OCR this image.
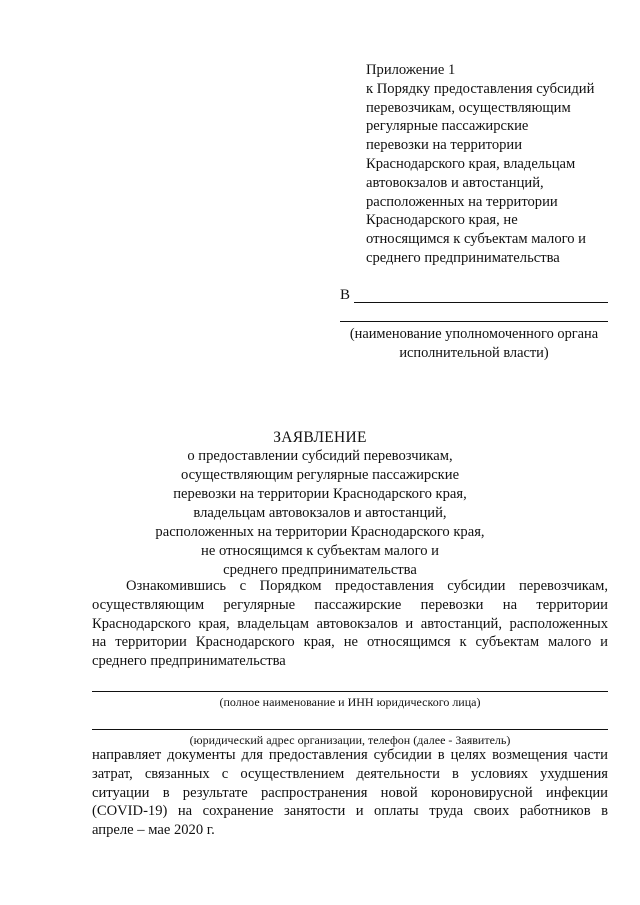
Приложение 1
к Порядку предоставления субсидий
перевозчикам, осуществляющим
регулярные пассажирские
перевозки на территории
Краснодарского края, владельцам
автовокзалов и автостанций,
расположенных на территории
Краснодарского края, не
относящимся к субъектам малого и
среднего предпринимательства
В
(наименование уполномоченного органа
исполнительной власти)
ЗАЯВЛЕНИЕ
о предоставлении субсидий перевозчикам,
осуществляющим регулярные пассажирские
перевозки на территории Краснодарского края,
владельцам автовокзалов и автостанций,
расположенных на территории Краснодарского края,
не относящимся к субъектам малого и
среднего предпринимательства
Ознакомившись с Порядком предоставления субсидии перевозчикам,
осуществляющим регулярные пассажирские перевозки на территории
Краснодарского края, владельцам автовокзалов и автостанций, расположенных
на территории Краснодарского края, не относящимся к субъектам малого и
среднего предпринимательства
(полное наименование и ИНН юридического лица)
(юридический адрес организации, телефон (далее - Заявитель)
направляет документы для предоставления субсидии в целях возмещения части
затрат, связанных с осуществлением деятельности в условиях ухудшения
ситуации в результате распространения новой короновирусной инфекции
(COVID-19) на сохранение занятости и оплаты труда своих работников в
апреле – мае 2020 г.
